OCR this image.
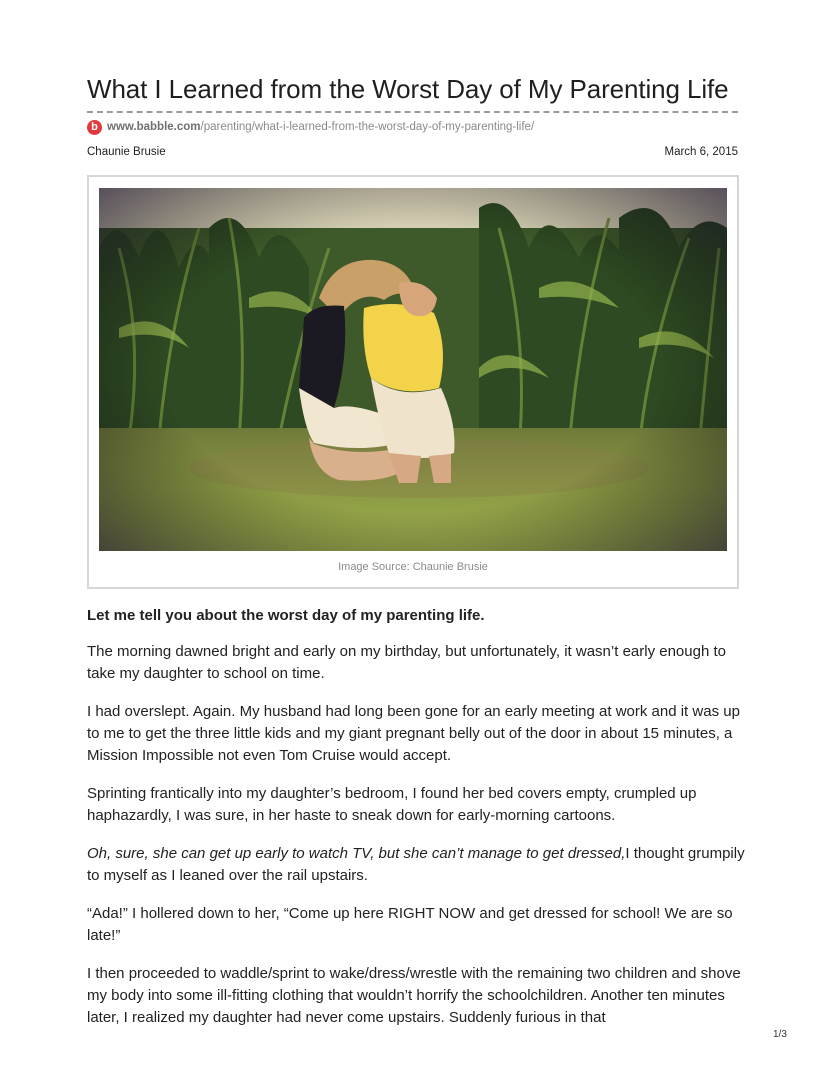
What I Learned from the Worst Day of My Parenting Life
b www.babble.com/parenting/what-i-learned-from-the-worst-day-of-my-parenting-life/
Chaunie Brusie	March 6, 2015
Image Source: Chaunie Brusie

Let me tell you about the worst day of my parenting life.

The morning dawned bright and early on my birthday, but unfortunately, it wasn’t early enough to take my daughter to school on time.

I had overslept. Again. My husband had long been gone for an early meeting at work and it was up to me to get the three little kids and my giant pregnant belly out of the door in about 15 minutes, a Mission Impossible not even Tom Cruise would accept.

Sprinting frantically into my daughter’s bedroom, I found her bed covers empty, crumpled up haphazardly, I was sure, in her haste to sneak down for early-morning cartoons.

Oh, sure, she can get up early to watch TV, but she can’t manage to get dressed,I thought grumpily to myself as I leaned over the rail upstairs.

“Ada!” I hollered down to her, “Come up here RIGHT NOW and get dressed for school! We are so late!”

I then proceeded to waddle/sprint to wake/dress/wrestle with the remaining two children and shove my body into some ill-fitting clothing that wouldn’t horrify the schoolchildren. Another ten minutes later, I realized my daughter had never come upstairs. Suddenly furious in that

1/3
